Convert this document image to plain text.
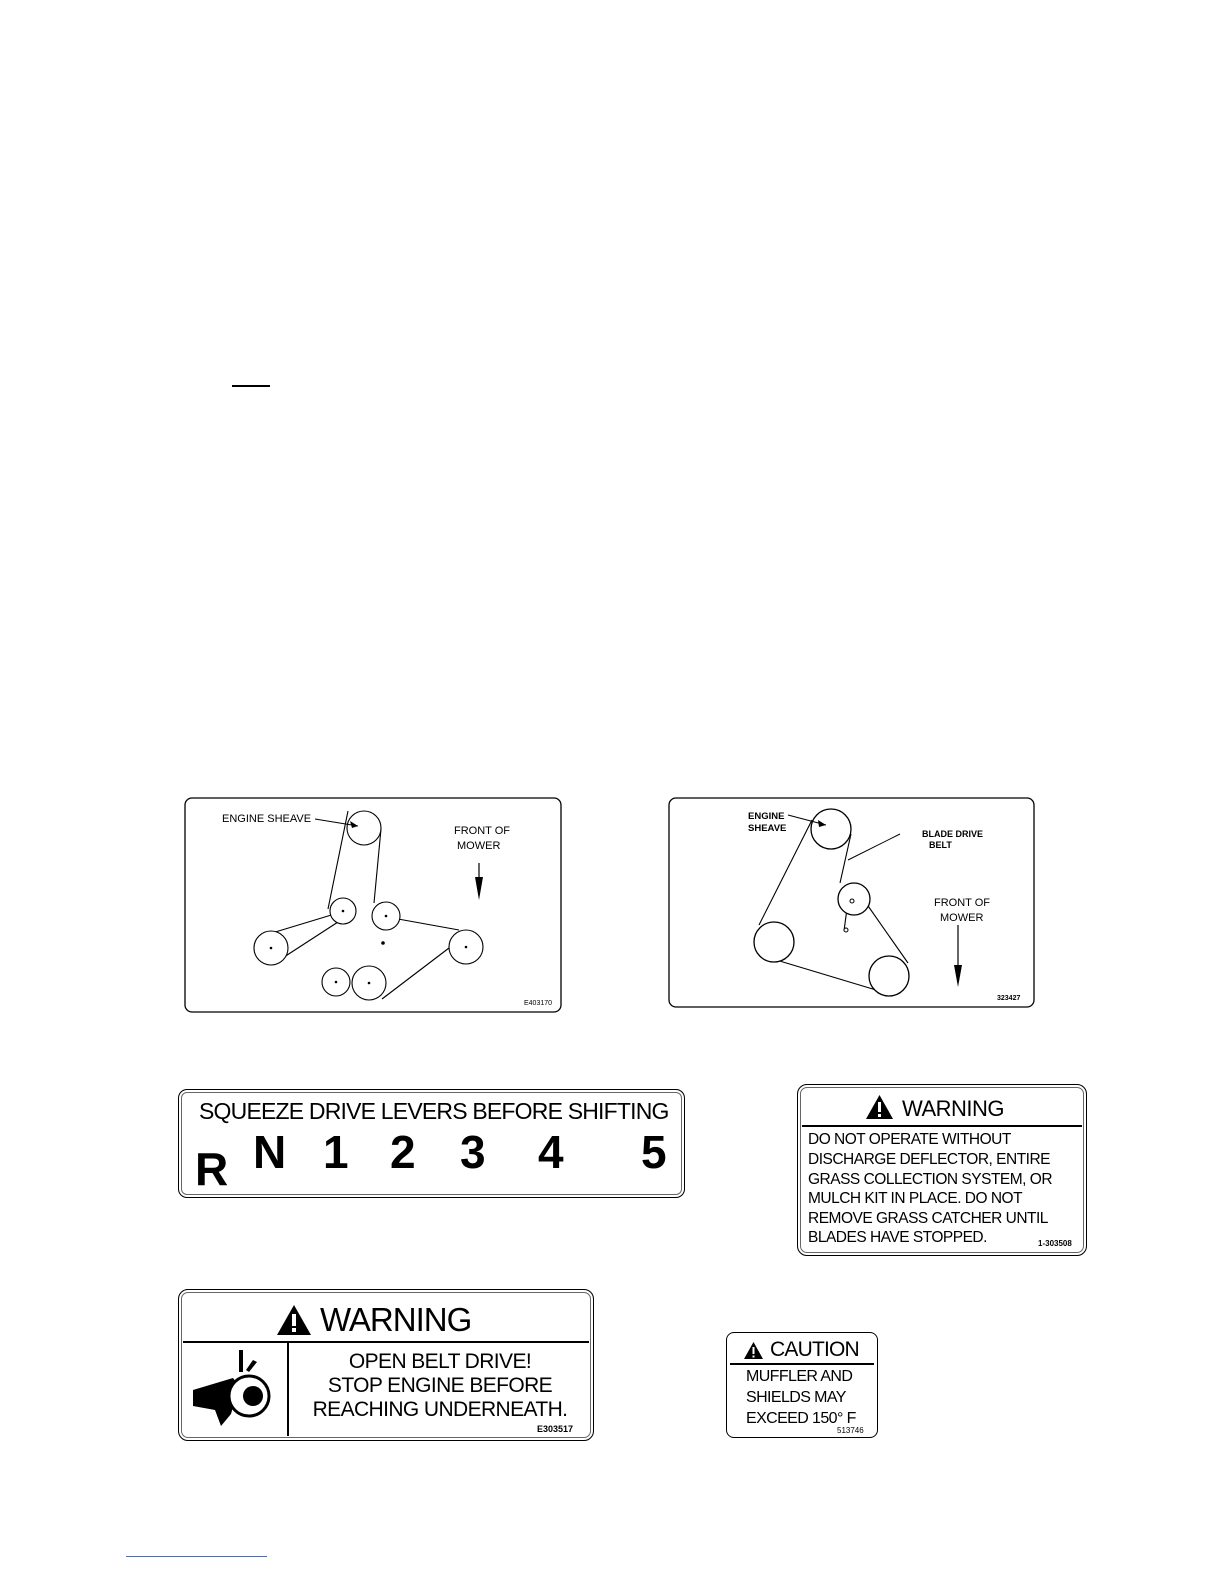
ENGINE SHEAVE
FRONT OF
MOWER
E403170
ENGINE
SHEAVE	BLADE DRIVE
BELT
FRONT OF
MOWER
323427
SQUEEZE DRIVE LEVERS BEFORE SHIFTING
R N 1 2 3 4 5
WARNING
DO NOT OPERATE WITHOUT
DISCHARGE DEFLECTOR, ENTIRE
GRASS COLLECTION SYSTEM, OR
MULCH KIT IN PLACE. DO NOT
REMOVE GRASS CATCHER UNTIL
BLADES HAVE STOPPED.	1-303508
WARNING
OPEN BELT DRIVE!
STOP ENGINE BEFORE
REACHING UNDERNEATH.
E303517
CAUTION
MUFFLER AND
SHIELDS MAY
EXCEED 150° F
513746
